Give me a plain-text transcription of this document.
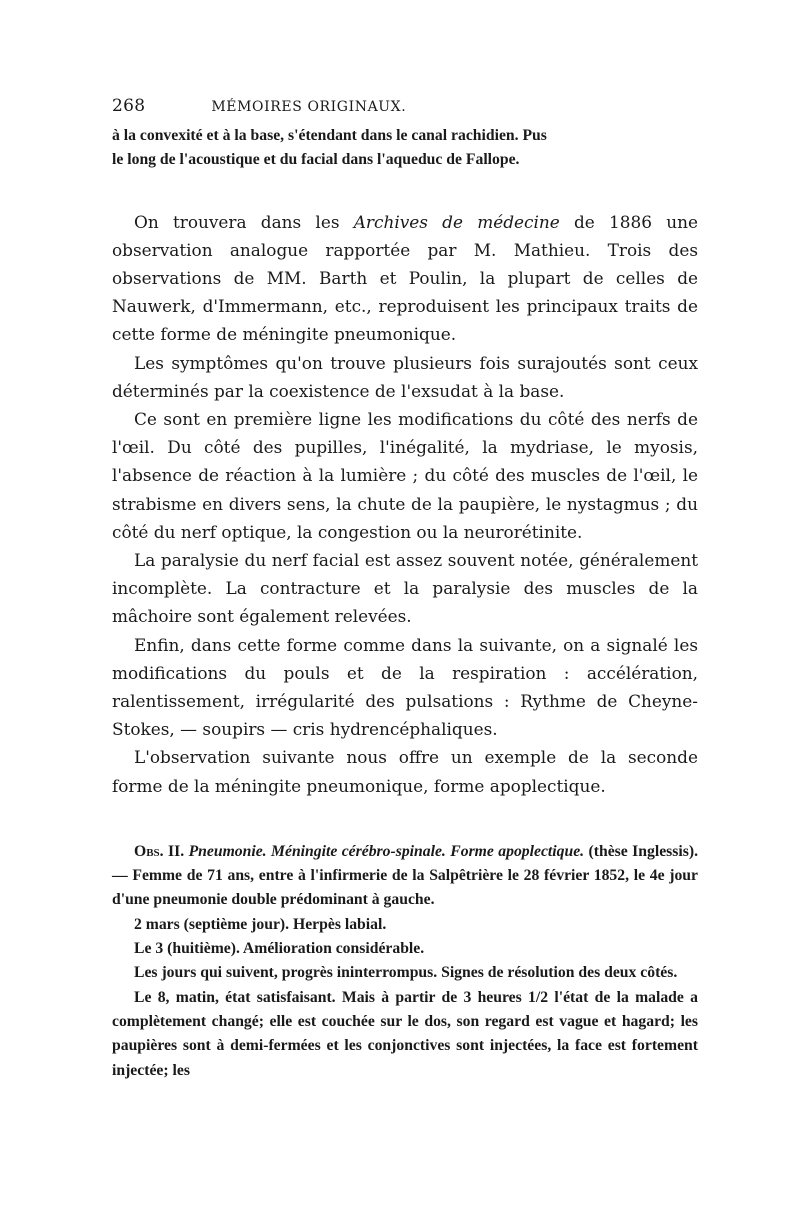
268	MÉMOIRES ORIGINAUX.

à la convexité et à la base, s'étendant dans le canal rachidien. Pus

le long de l'acoustique et du facial dans l'aqueduc de Fallope.

On trouvera dans les Archives de médecine de 1886 une observation analogue rapportée par M. Mathieu. Trois des observations de MM. Barth et Poulin, la plupart de celles de Nauwerk, d'Immermann, etc., reproduisent les principaux traits de cette forme de méningite pneumonique.

Les symptômes qu'on trouve plusieurs fois surajoutés sont ceux déterminés par la coexistence de l'exsudat à la base.

Ce sont en première ligne les modifications du côté des nerfs de l'œil. Du côté des pupilles, l'inégalité, la mydriase, le myosis, l'absence de réaction à la lumière ; du côté des muscles de l'œil, le strabisme en divers sens, la chute de la paupière, le nystagmus ; du côté du nerf optique, la congestion ou la neurorétinite.

La paralysie du nerf facial est assez souvent notée, généralement incomplète. La contracture et la paralysie des muscles de la mâchoire sont également relevées.

Enfin, dans cette forme comme dans la suivante, on a signalé les modifications du pouls et de la respiration : accélération, ralentissement, irrégularité des pulsations : Rythme de Cheyne-Stokes, — soupirs — cris hydrencéphaliques.

L'observation suivante nous offre un exemple de la seconde forme de la méningite pneumonique, forme apoplectique.

Obs. II. Pneumonie. Méningite cérébro-spinale. Forme apoplectique. (thèse Inglessis). — Femme de 71 ans, entre à l'infirmerie de la Salpêtrière le 28 février 1852, le 4e jour d'une pneumonie double prédominant à gauche.

2 mars (septième jour). Herpès labial.

Le 3 (huitième). Amélioration considérable.

Les jours qui suivent, progrès ininterrompus. Signes de résolution des deux côtés.

Le 8, matin, état satisfaisant. Mais à partir de 3 heures 1/2 l'état de la malade a complètement changé; elle est couchée sur le dos, son regard est vague et hagard; les paupières sont à demi-fermées et les conjonctives sont injectées, la face est fortement injectée; les
